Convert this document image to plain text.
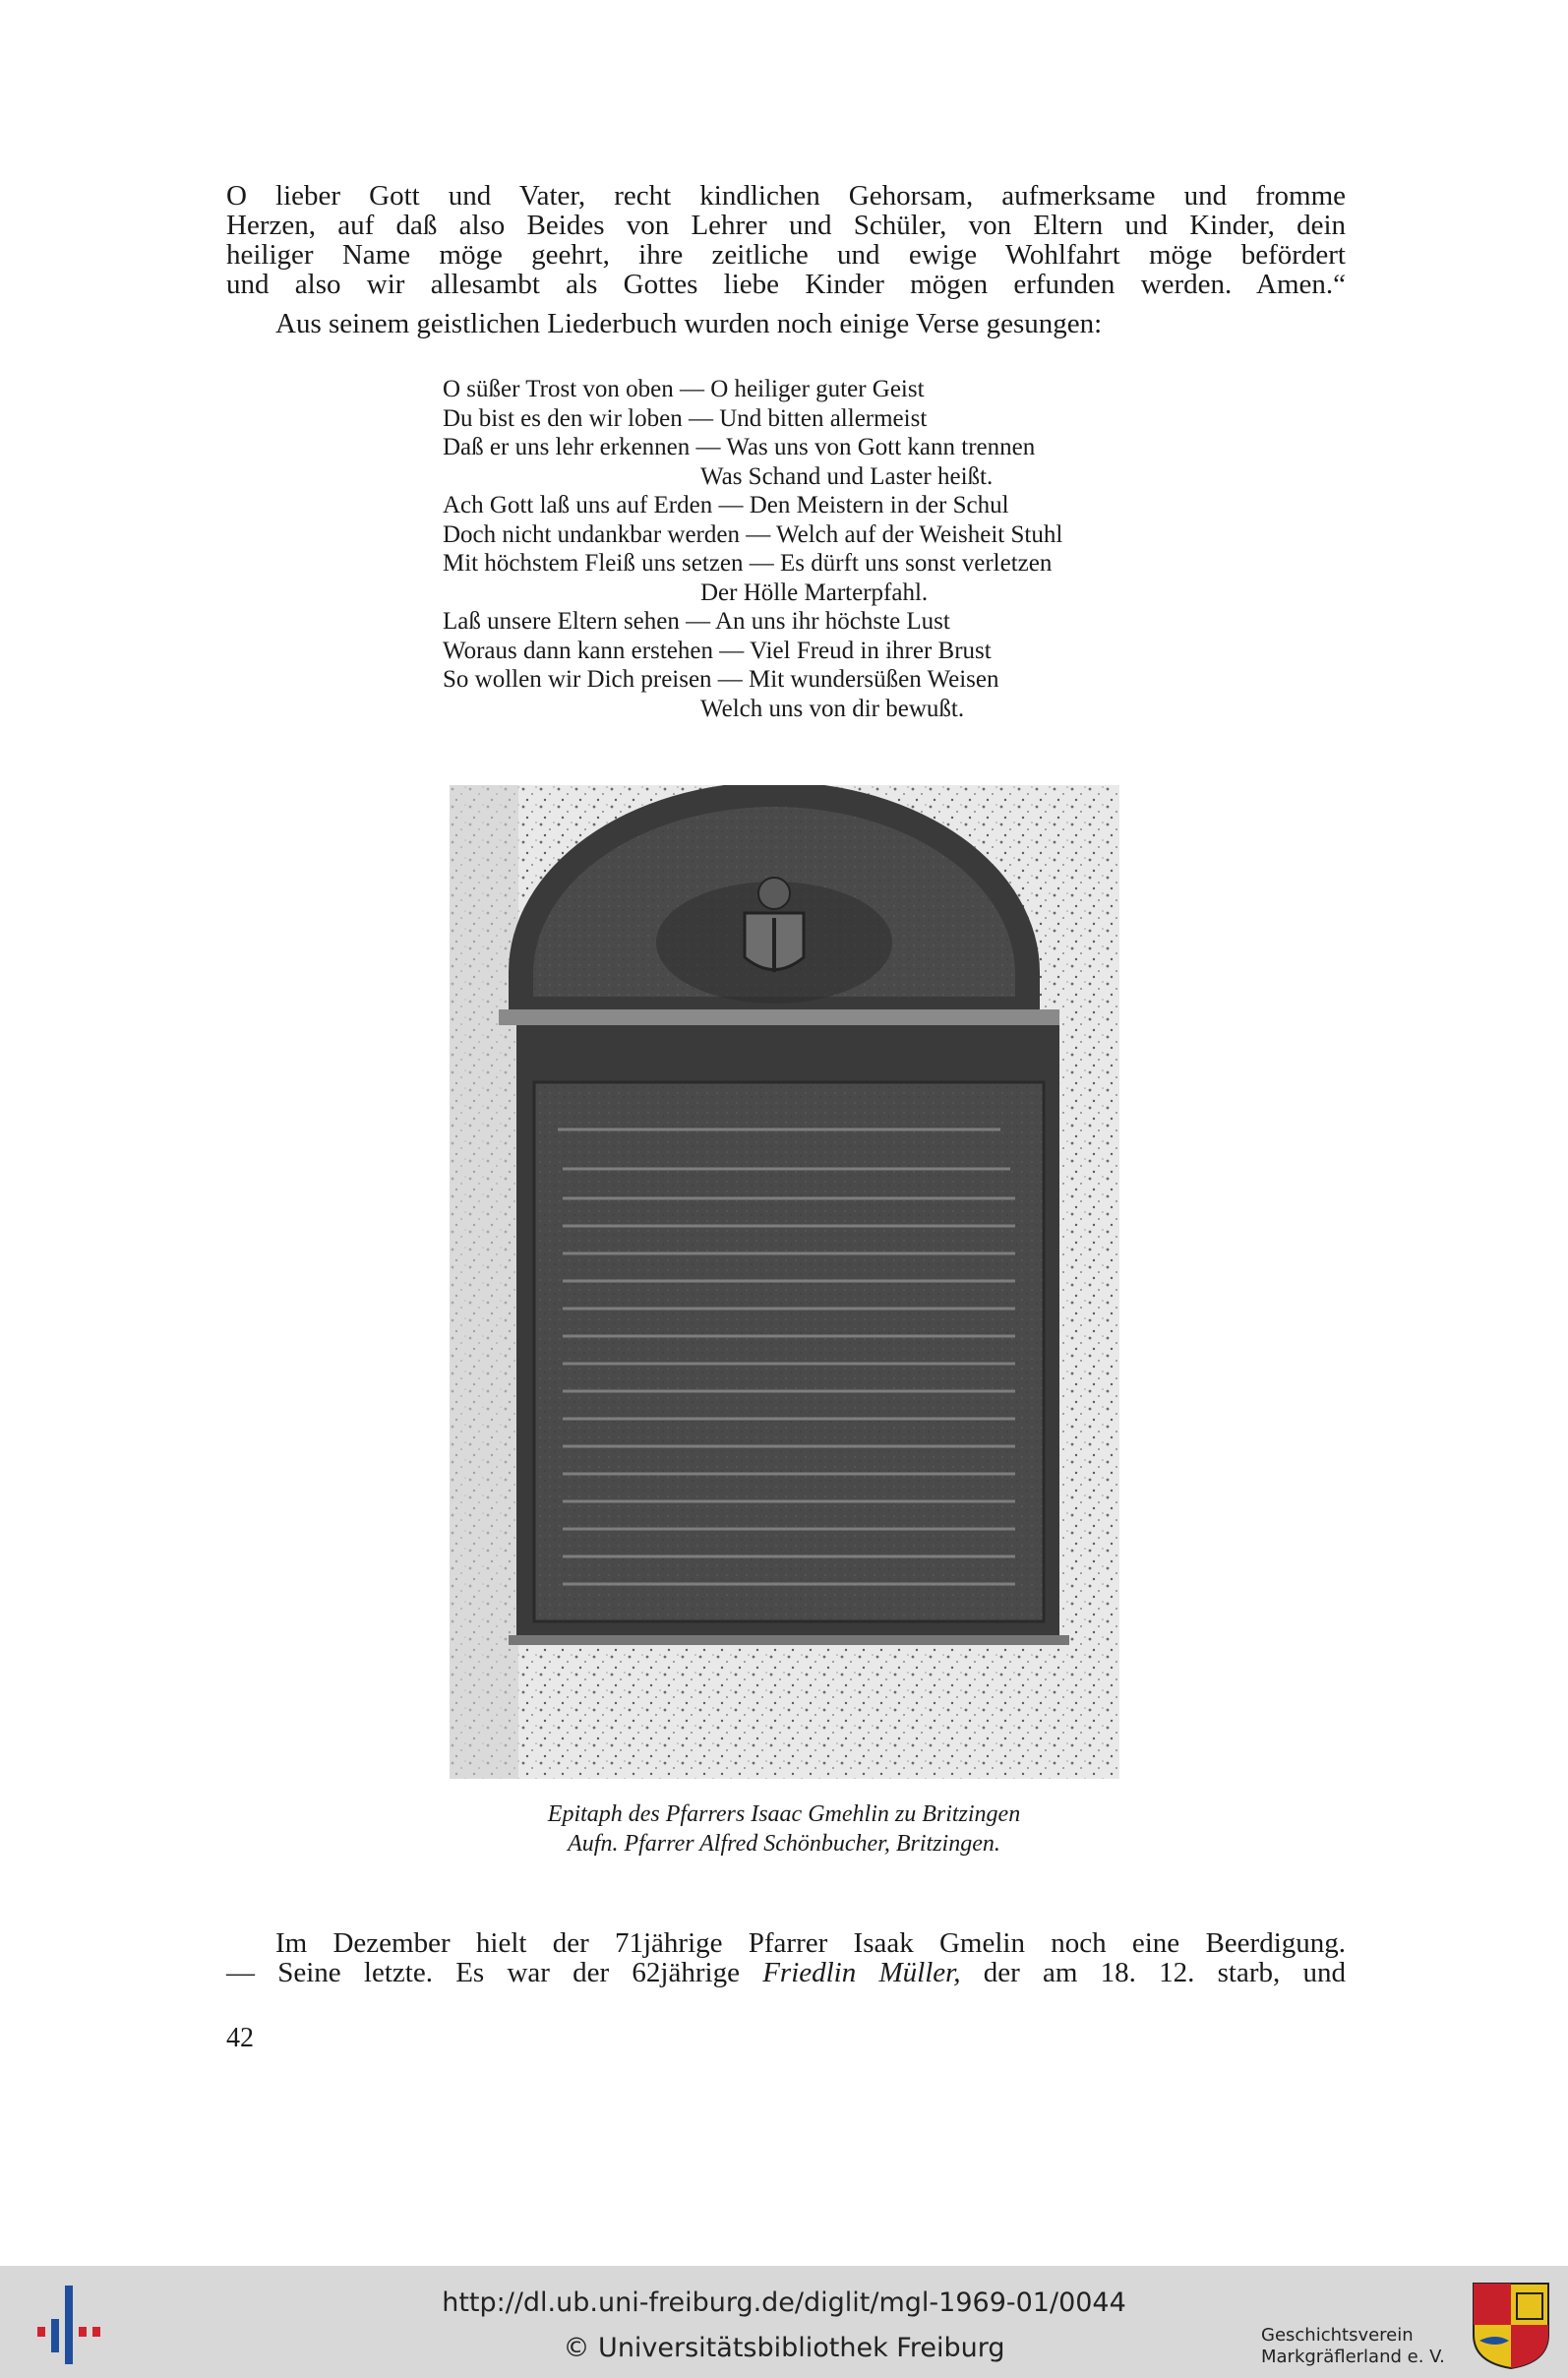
O lieber Gott und Vater, recht kindlichen Gehorsam, aufmerksame und fromme
Herzen, auf daß also Beides von Lehrer und Schüler, von Eltern und Kinder, dein
heiliger Name möge geehrt, ihre zeitliche und ewige Wohlfahrt möge befördert
und also wir allesambt als Gottes liebe Kinder mögen erfunden werden. Amen.“

Aus seinem geistlichen Liederbuch wurden noch einige Verse gesungen:

O süßer Trost von oben — O heiliger guter Geist
Du bist es den wir loben — Und bitten allermeist
Daß er uns lehr erkennen — Was uns von Gott kann trennen
Was Schand und Laster heißt.
Ach Gott laß uns auf Erden — Den Meistern in der Schul
Doch nicht undankbar werden — Welch auf der Weisheit Stuhl
Mit höchstem Fleiß uns setzen — Es dürft uns sonst verletzen
Der Hölle Marterpfahl.
Laß unsere Eltern sehen — An uns ihr höchste Lust
Woraus dann kann erstehen — Viel Freud in ihrer Brust
So wollen wir Dich preisen — Mit wundersüßen Weisen
Welch uns von dir bewußt.
Epitaph des Pfarrers Isaac Gmehlin zu Britzingen
Aufn. Pfarrer Alfred Schönbucher, Britzingen.
Im Dezember hielt der 71jährige Pfarrer Isaak Gmelin noch eine Beerdigung.
— Seine letzte. Es war der 62jährige Friedlin Müller, der am 18. 12. starb, und
42
http://dl.ub.uni-freiburg.de/diglit/mgl-1969-01/0044
© Universitätsbibliothek Freiburg	Geschichtsverein
Markgräflerland e. V.
